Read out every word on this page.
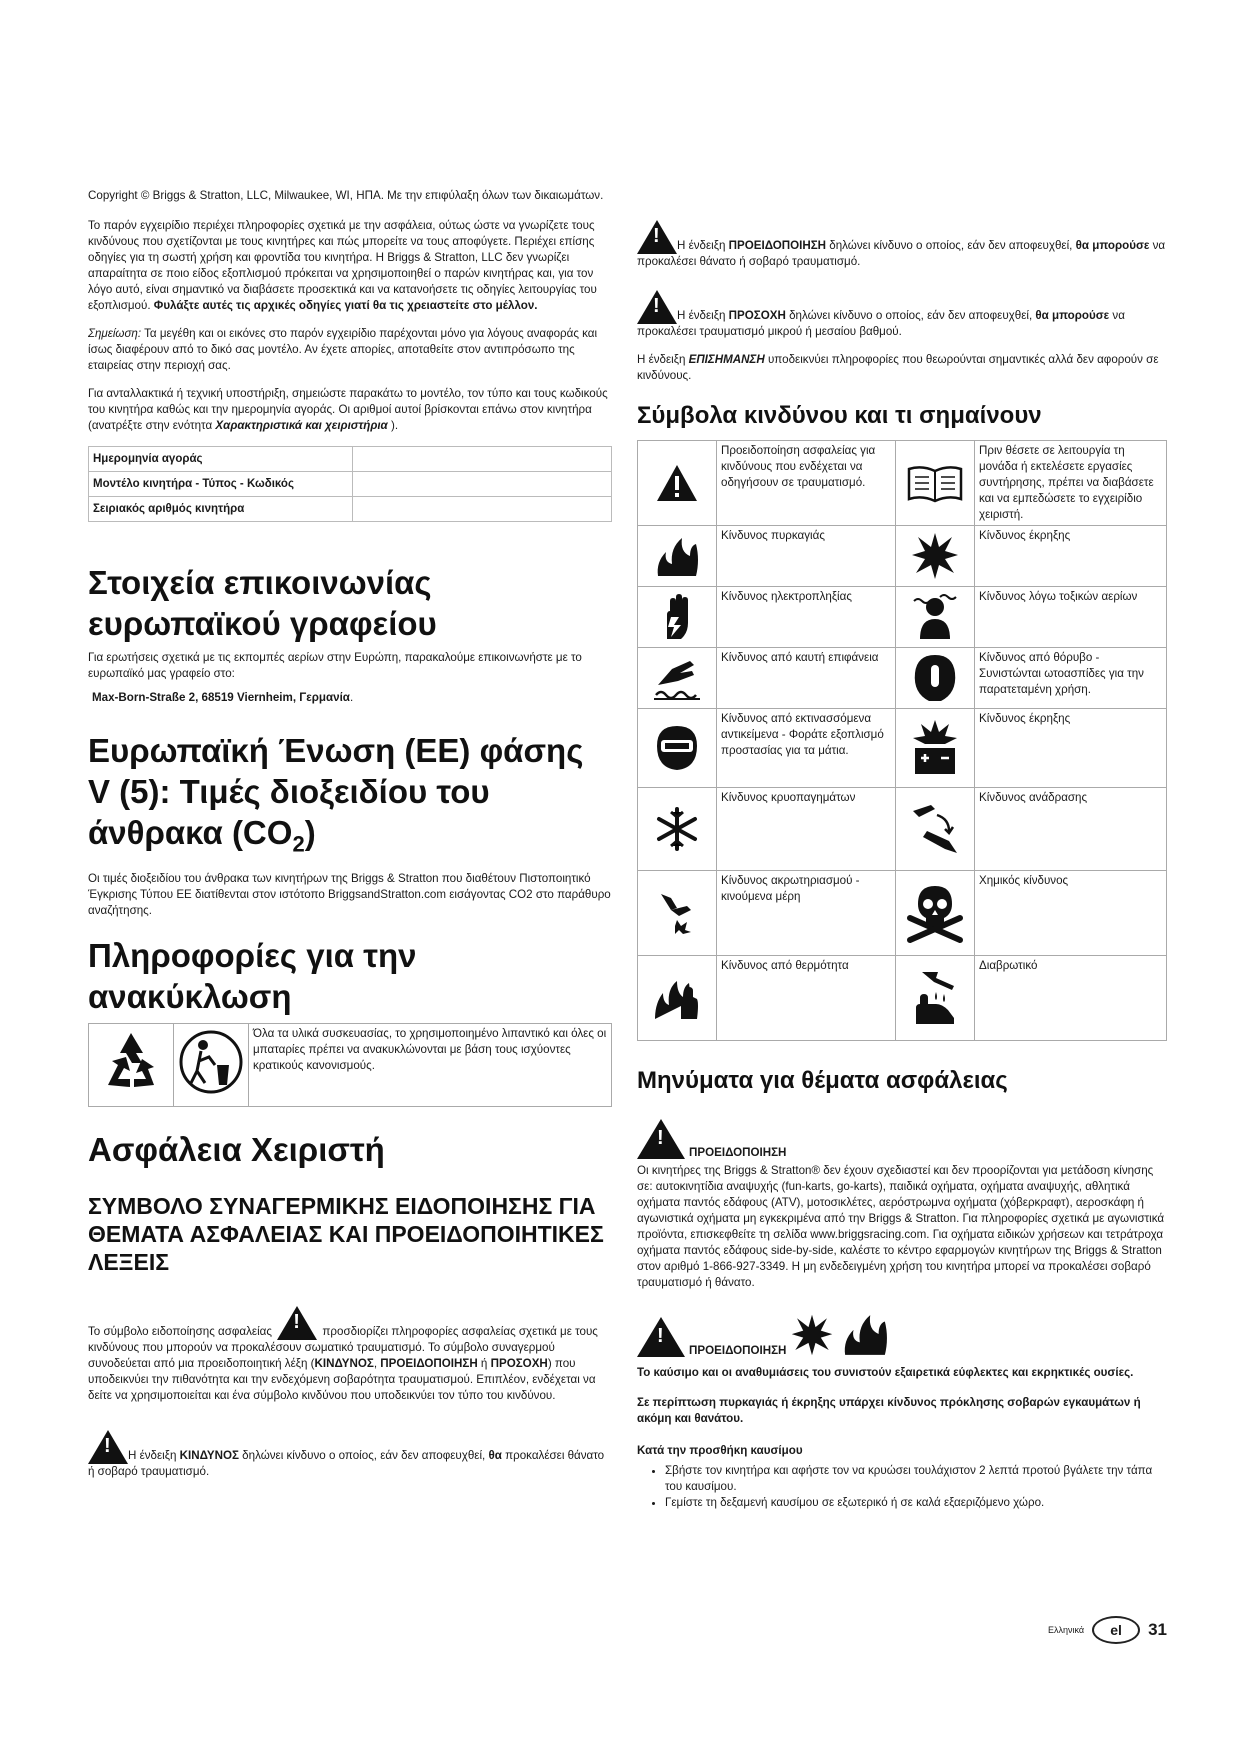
Copyright © Briggs & Stratton, LLC, Milwaukee, WI, ΗΠΑ. Με την επιφύλαξη όλων των δικαιωμάτων.

Το παρόν εγχειρίδιο περιέχει πληροφορίες σχετικά με την ασφάλεια, ούτως ώστε να γνωρίζετε τους κινδύνους που σχετίζονται με τους κινητήρες και πώς μπορείτε να τους αποφύγετε. Περιέχει επίσης οδηγίες για τη σωστή χρήση και φροντίδα του κινητήρα. Η Briggs & Stratton, LLC δεν γνωρίζει απαραίτητα σε ποιο είδος εξοπλισμού πρόκειται να χρησιμοποιηθεί ο παρών κινητήρας και, για τον λόγο αυτό, είναι σημαντικό να διαβάσετε προσεκτικά και να κατανοήσετε τις οδηγίες λειτουργίας του εξοπλισμού. Φυλάξτε αυτές τις αρχικές οδηγίες γιατί θα τις χρειαστείτε στο μέλλον.

Σημείωση: Τα μεγέθη και οι εικόνες στο παρόν εγχειρίδιο παρέχονται μόνο για λόγους αναφοράς και ίσως διαφέρουν από το δικό σας μοντέλο. Αν έχετε απορίες, αποταθείτε στον αντιπρόσωπο της εταιρείας στην περιοχή σας.

Για ανταλλακτικά ή τεχνική υποστήριξη, σημειώστε παρακάτω το μοντέλο, τον τύπο και τους κωδικούς του κινητήρα καθώς και την ημερομηνία αγοράς. Οι αριθμοί αυτοί βρίσκονται επάνω στον κινητήρα (ανατρέξτε στην ενότητα Χαρακτηριστικά και χειριστήρια ).

Ημερομηνία αγοράς	
Μοντέλο κινητήρα - Τύπος - Κωδικός	
Σειριακός αριθμός κινητήρα	
Στοιχεία επικοινωνίας ευρωπαϊκού γραφείου

Για ερωτήσεις σχετικά με τις εκπομπές αερίων στην Ευρώπη, παρακαλούμε επικοινωνήστε με το ευρωπαϊκό μας γραφείο στο:

Max-Born-Straße 2, 68519 Viernheim, Γερμανία.

Ευρωπαϊκή Ένωση (ΕΕ) φάσης V (5): Τιμές διοξειδίου του άνθρακα $(CO_2)$

Οι τιμές διοξειδίου του άνθρακα των κινητήρων της Briggs & Stratton που διαθέτουν Πιστοποιητικό Έγκρισης Τύπου ΕΕ διατίθενται στον ιστότοπο BriggsandStratton.com εισάγοντας CO2 στο παράθυρο αναζήτησης.

Πληροφορίες για την ανακύκλωση
		Όλα τα υλικά συσκευασίας, το χρησιμοποιημένο λιπαντικό και όλες οι μπαταρίες πρέπει να ανακυκλώνονται με βάση τους ισχύοντες κρατικούς κανονισμούς.
Ασφάλεια Χειριστή
ΣΥΜΒΟΛΟ ΣΥΝΑΓΕΡΜΙΚΗΣ ΕΙΔΟΠΟΙΗΣΗΣ ΓΙΑ ΘΕΜΑΤΑ ΑΣΦΑΛΕΙΑΣ ΚΑΙ ΠΡΟΕΙΔΟΠΟΙΗΤΙΚΕΣ ΛΕΞΕΙΣ

Το σύμβολο ειδοποίησης ασφαλείας !	προσδιορίζει πληροφορίες ασφαλείας σχετικά με τους κινδύνους που μπορούν να προκαλέσουν σωματικό τραυματισμό. Το σύμβολο συναγερμού συνοδεύεται από μια προειδοποιητική λέξη (ΚΙΝΔΥΝΟΣ, ΠΡΟΕΙΔΟΠΟΙΗΣΗ ή ΠΡΟΣΟΧΗ) που υποδεικνύει την πιθανότητα και την ενδεχόμενη σοβαρότητα τραυματισμού. Επιπλέον, ενδέχεται να δείτε να χρησιμοποιείται και ένα σύμβολο κινδύνου που υποδεικνύει τον τύπο του κινδύνου.

!Η ένδειξη ΚΙΝΔΥΝΟΣ δηλώνει κίνδυνο ο οποίος, εάν δεν αποφευχθεί, θα προκαλέσει θάνατο ή σοβαρό τραυματισμό.

!Η ένδειξη ΠΡΟΕΙΔΟΠΟΙΗΣΗ δηλώνει κίνδυνο ο οποίος, εάν δεν αποφευχθεί, θα μπορούσε να προκαλέσει θάνατο ή σοβαρό τραυματισμό.

!Η ένδειξη ΠΡΟΣΟΧΗ δηλώνει κίνδυνο ο οποίος, εάν δεν αποφευχθεί, θα μπορούσε να προκαλέσει τραυματισμό μικρού ή μεσαίου βαθμού.

Η ένδειξη ΕΠΙΣΗΜΑΝΣΗ υποδεικνύει πληροφορίες που θεωρούνται σημαντικές αλλά δεν αφορούν σε κινδύνους.

Σύμβολα κινδύνου και τι σημαίνουν
	Προειδοποίηση ασφαλείας για κινδύνους που ενδέχεται να οδηγήσουν σε τραυματισμό.		Πριν θέσετε σε λειτουργία τη μονάδα ή εκτελέσετε εργασίες συντήρησης, πρέπει να διαβάσετε και να εμπεδώσετε το εγχειρίδιο χειριστή.

	Κίνδυνος πυρκαγιάς		Κίνδυνος έκρηξης

	Κίνδυνος ηλεκτροπληξίας		Κίνδυνος λόγω τοξικών αερίων

	Κίνδυνος από καυτή επιφάνεια		Κίνδυνος από θόρυβο - Συνιστώνται ωτοασπίδες για την παρατεταμένη χρήση.

	Κίνδυνος από εκτινασσόμενα αντικείμενα - Φοράτε εξοπλισμό προστασίας για τα μάτια.		Κίνδυνος έκρηξης

	Κίνδυνος κρυοπαγημάτων		Κίνδυνος ανάδρασης

	Κίνδυνος ακρωτηριασμού - κινούμενα μέρη		Χημικός κίνδυνος

	Κίνδυνος από θερμότητα		Διαβρωτικό
Μηνύματα για θέματα ασφάλειας
!
ΠΡΟΕΙΔΟΠΟΙΗΣΗ

Οι κινητήρες της Briggs & Stratton® δεν έχουν σχεδιαστεί και δεν προορίζονται για μετάδοση κίνησης σε: αυτοκινητίδια αναψυχής (fun-karts, go-karts), παιδικά οχήματα, οχήματα αναψυχής, αθλητικά οχήματα παντός εδάφους (ATV), μοτοσικλέτες, αερόστρωμνα οχήματα (χόβερκραφτ), αεροσκάφη ή αγωνιστικά οχήματα μη εγκεκριμένα από την Briggs & Stratton. Για πληροφορίες σχετικά με αγωνιστικά προϊόντα, επισκεφθείτε τη σελίδα www.briggsracing.com. Για οχήματα ειδικών χρήσεων και τετράτροχα οχήματα παντός εδάφους side-by-side, καλέστε το κέντρο εφαρμογών κινητήρων της Briggs & Stratton στον αριθμό 1-866-927-3349. Η μη ενδεδειγμένη χρήση του κινητήρα μπορεί να προκαλέσει σοβαρό τραυματισμό ή θάνατο.

!
ΠΡΟΕΙΔΟΠΟΙΗΣΗ

Το καύσιμο και οι αναθυμιάσεις του συνιστούν εξαιρετικά εύφλεκτες και εκρηκτικές ουσίες.

Σε περίπτωση πυρκαγιάς ή έκρηξης υπάρχει κίνδυνος πρόκλησης σοβαρών εγκαυμάτων ή ακόμη και θανάτου.

Κατά την προσθήκη καυσίμου

• Σβήστε τον κινητήρα και αφήστε τον να κρυώσει τουλάχιστον 2 λεπτά προτού βγάλετε την τάπα του καυσίμου.
• Γεμίστε τη δεξαμενή καυσίμου σε εξωτερικό ή σε καλά εξαεριζόμενο χώρο.
Ελληνικά	el	31
